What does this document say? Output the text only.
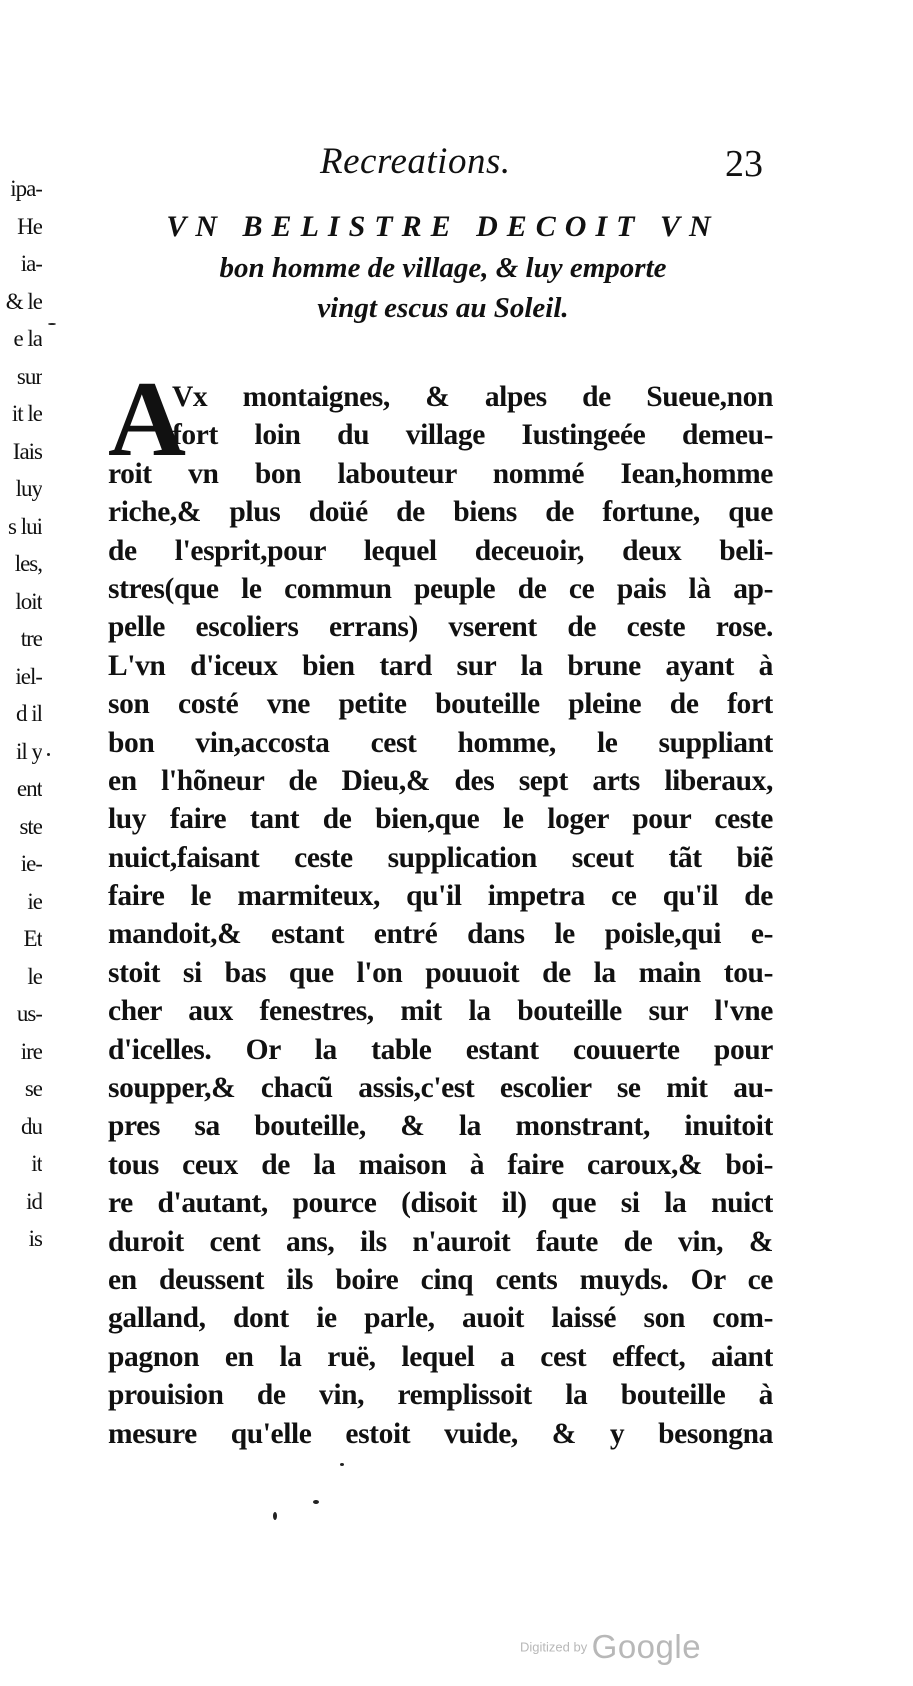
ipa-
He
ia-
& le
e la
sur
it le
Iais
luy
s lui
les,
loit
tre
iel-
d il
il y
ent
ste
ie-
ie
Et
le
us-
ire
se
du
it
id
is
Recreations.	23
VN BELISTRE DECOIT VN
bon homme de village, & luy emporte
vingt escus au Soleil.
A
Vx montaignes, & alpes de Sueue,non
fort loin du village Iustingeée demeu-
roit vn bon labouteur nommé Iean,homme
riche,& plus doüé de biens de fortune, que
de l'esprit,pour lequel deceuoir, deux beli-
stres(que le commun peuple de ce pais là ap-
pelle escoliers errans) vserent de ceste rose.
L'vn d'iceux bien tard sur la brune ayant à
son costé vne petite bouteille pleine de fort
bon vin,accosta cest homme, le suppliant
en l'hõneur de Dieu,& des sept arts liberaux,
luy faire tant de bien,que le loger pour ceste
nuict,faisant ceste supplication sceut tãt biẽ
faire le marmiteux, qu'il impetra ce qu'il de
mandoit,& estant entré dans le poisle,qui e-
stoit si bas que l'on pouuoit de la main tou-
cher aux fenestres, mit la bouteille sur l'vne
d'icelles. Or la table estant couuerte pour
soupper,& chacũ assis,c'est escolier se mit au-
pres sa bouteille, & la monstrant, inuitoit
tous ceux de la maison à faire caroux,& boi-
re d'autant, pource (disoit il) que si la nuict
duroit cent ans, ils n'auroit faute de vin, &
en deussent ils boire cinq cents muyds. Or ce
galland, dont ie parle, auoit laissé son com-
pagnon en la ruë, lequel a cest effect, aiant
prouision de vin, remplissoit la bouteille à
mesure qu'elle estoit vuide, & y besongna
Digitized by Google
